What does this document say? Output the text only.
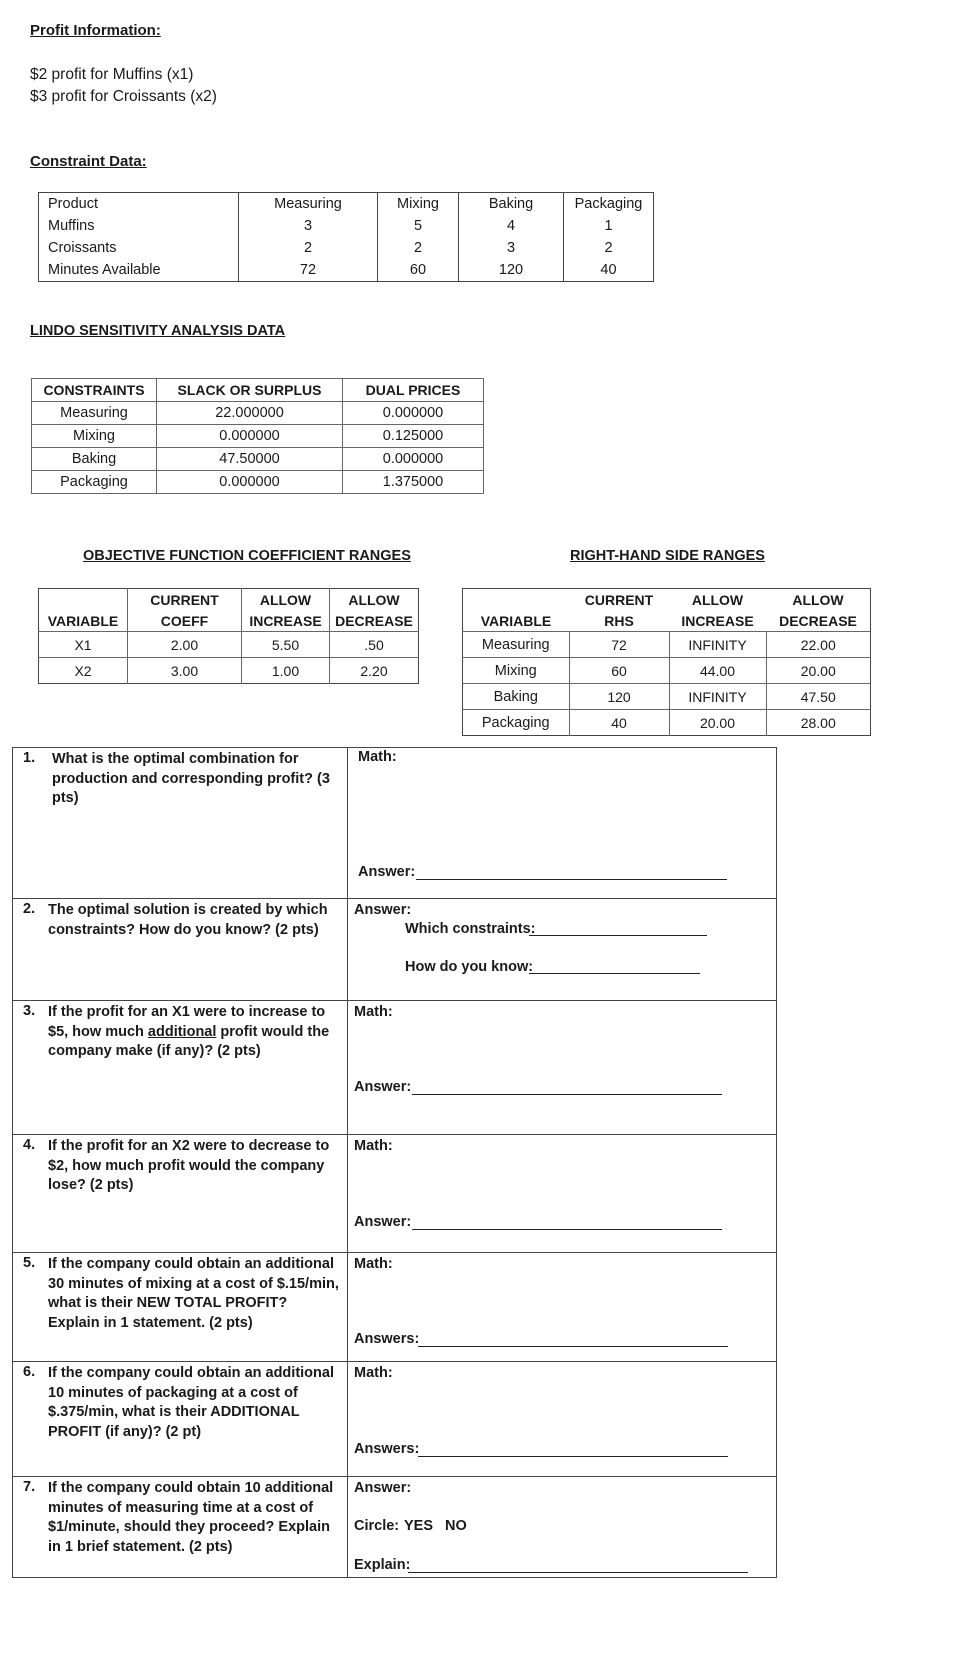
Profit Information:
$2 profit for Muffins (x1)
$3 profit for Croissants (x2)
Constraint Data:
Product	Measuring	Mixing	Baking	Packaging
Muffins	3	5	4	1
Croissants	2	2	3	2
Minutes Available	72	60	120	40
LINDO SENSITIVITY ANALYSIS DATA
CONSTRAINTS	SLACK OR SURPLUS	DUAL PRICES
Measuring	22.000000	0.000000
Mixing	0.000000	0.125000
Baking	47.50000	0.000000
Packaging	0.000000	1.375000
OBJECTIVE FUNCTION COEFFICIENT RANGES
	CURRENT	ALLOW	ALLOW
VARIABLE	COEFF	INCREASE	DECREASE
X1	2.00	5.50	.50
X2	3.00	1.00	2.20
RIGHT-HAND SIDE RANGES
	CURRENT	ALLOW	ALLOW
VARIABLE	RHS	INCREASE	DECREASE
Measuring	72	INFINITY	22.00
Mixing	60	44.00	20.00
Baking	120	INFINITY	47.50
Packaging	40	20.00	28.00
1. What is the optimal combination for production and corresponding profit? (3 pts)	Math:
Answer:

2. The optimal solution is created by which constraints? How do you know? (2 pts)	Answer:
Which constraints:
How do you know:

3. If the profit for an X1 were to increase to $5, how much additional profit would the company make (if any)? (2 pts)	Math:
Answer:

4. If the profit for an X2 were to decrease to $2, how much profit would the company lose? (2 pts)	Math:
Answer:

5. If the company could obtain an additional 30 minutes of mixing at a cost of $.15/min, what is their NEW TOTAL PROFIT? Explain in 1 statement. (2 pts)	Math:
Answers:

6. If the company could obtain an additional 10 minutes of packaging at a cost of $.375/min, what is their ADDITIONAL PROFIT (if any)? (2 pt)	Math:
Answers:

7. If the company could obtain 10 additional minutes of measuring time at a cost of $1/minute, should they proceed? Explain in 1 brief statement. (2 pts)	Answer:
Circle: YES NO
Explain:
